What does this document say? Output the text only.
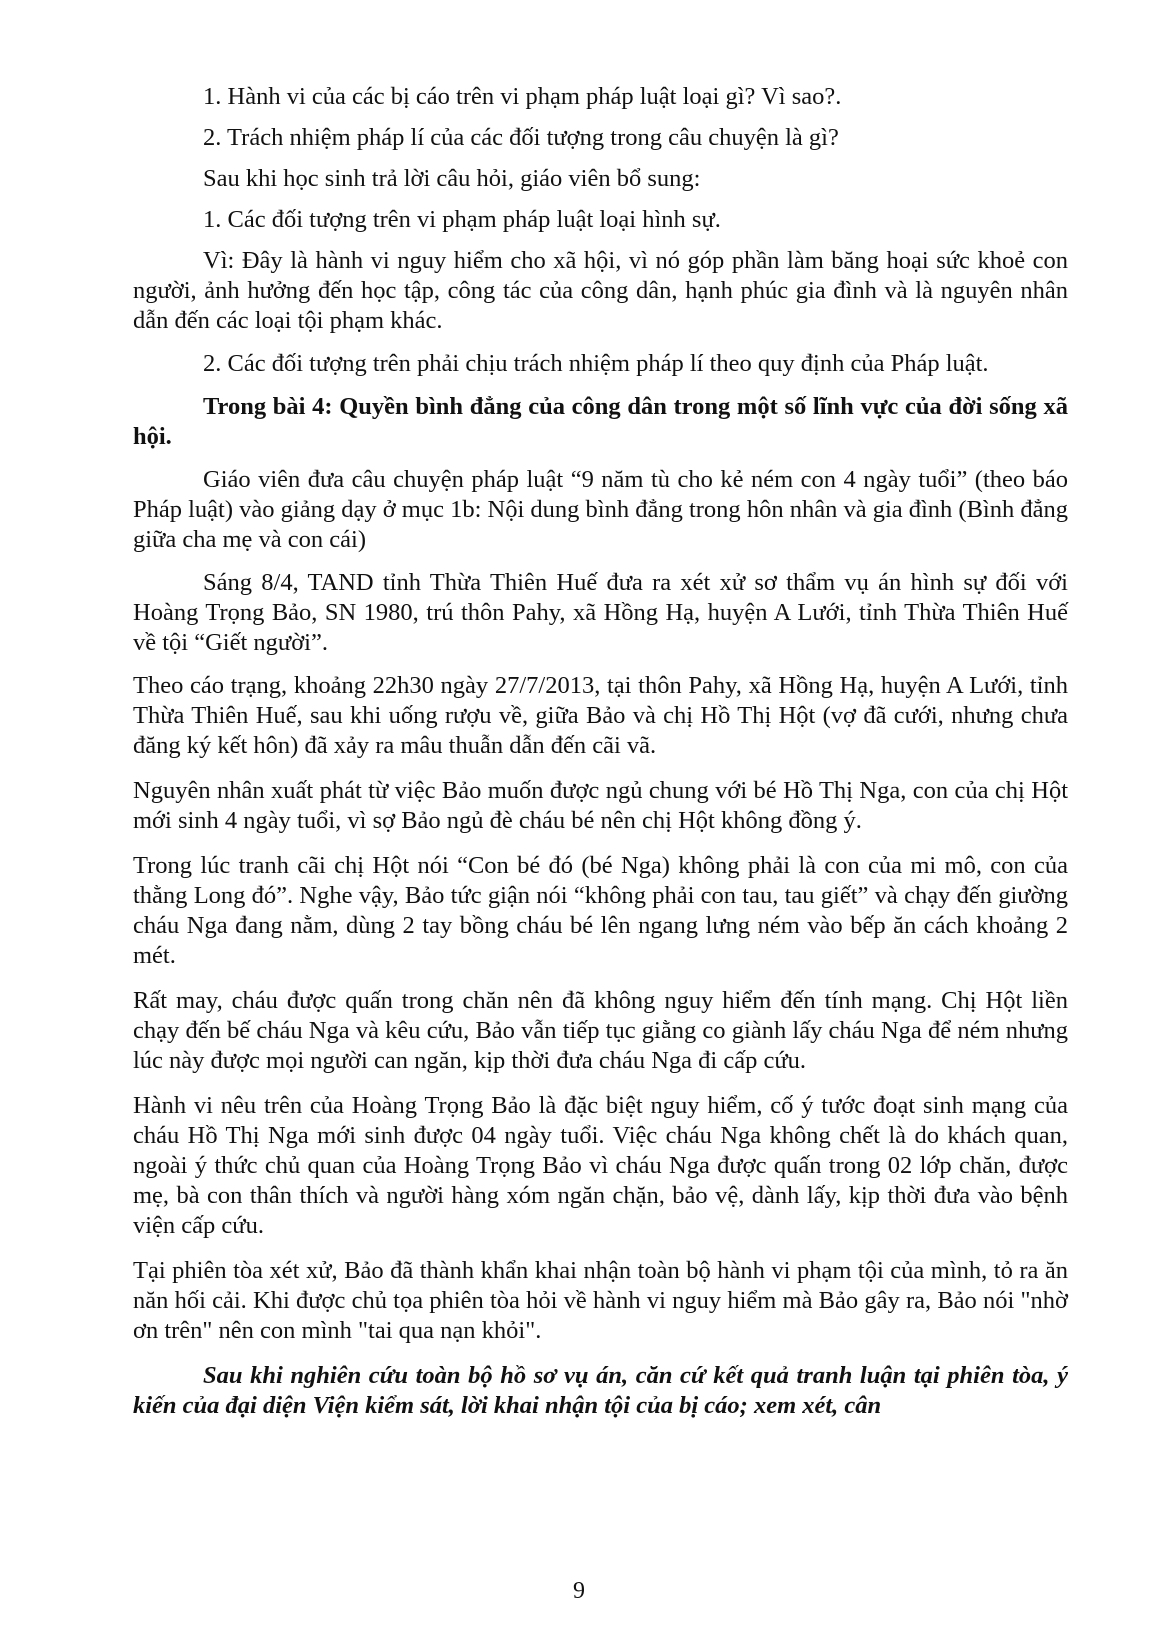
1. Hành vi của các bị cáo trên vi phạm pháp luật loại gì? Vì sao?.

2. Trách nhiệm pháp lí của các đối tượng trong câu chuyện là gì?

Sau khi học sinh trả lời câu hỏi, giáo viên bổ sung:

1. Các đối tượng trên vi phạm pháp luật loại hình sự.

Vì: Đây là hành vi nguy hiểm cho xã hội, vì nó góp phần làm băng hoại sức khoẻ con người, ảnh hưởng đến học tập, công tác của công dân, hạnh phúc gia đình và là nguyên nhân dẫn đến các loại tội phạm khác.

2. Các đối tượng trên phải chịu trách nhiệm pháp lí theo quy định của Pháp luật.

Trong bài 4: Quyền bình đẳng của công dân trong một số lĩnh vực của đời sống xã hội.

Giáo viên đưa câu chuyện pháp luật “9 năm tù cho kẻ ném con 4 ngày tuổi” (theo báo Pháp luật) vào giảng dạy ở mục 1b: Nội dung bình đẳng trong hôn nhân và gia đình (Bình đẳng giữa cha mẹ và con cái)

Sáng 8/4, TAND tỉnh Thừa Thiên Huế đưa ra xét xử sơ thẩm vụ án hình sự đối với Hoàng Trọng Bảo, SN 1980, trú thôn Pahy, xã Hồng Hạ, huyện A Lưới, tỉnh Thừa Thiên Huế về tội “Giết người”.

Theo cáo trạng, khoảng 22h30 ngày 27/7/2013, tại thôn Pahy, xã Hồng Hạ, huyện A Lưới, tỉnh Thừa Thiên Huế, sau khi uống rượu về, giữa Bảo và chị Hồ Thị Hột (vợ đã cưới, nhưng chưa đăng ký kết hôn) đã xảy ra mâu thuẫn dẫn đến cãi vã.

Nguyên nhân xuất phát từ việc Bảo muốn được ngủ chung với bé Hồ Thị Nga, con của chị Hột mới sinh 4 ngày tuổi, vì sợ Bảo ngủ đè cháu bé nên chị Hột không đồng ý.

Trong lúc tranh cãi chị Hột nói “Con bé đó (bé Nga) không phải là con của mi mô, con của thằng Long đó”. Nghe vậy, Bảo tức giận nói “không phải con tau, tau giết” và chạy đến giường cháu Nga đang nằm, dùng 2 tay bồng cháu bé lên ngang lưng ném vào bếp ăn cách khoảng 2 mét.

Rất may, cháu được quấn trong chăn nên đã không nguy hiểm đến tính mạng. Chị Hột liền chạy đến bế cháu Nga và kêu cứu, Bảo vẫn tiếp tục giằng co giành lấy cháu Nga để ném nhưng lúc này được mọi người can ngăn, kịp thời đưa cháu Nga đi cấp cứu.

Hành vi nêu trên của Hoàng Trọng Bảo là đặc biệt nguy hiểm, cố ý tước đoạt sinh mạng của cháu Hồ Thị Nga mới sinh được 04 ngày tuổi. Việc cháu Nga không chết là do khách quan, ngoài ý thức chủ quan của Hoàng Trọng Bảo vì cháu Nga được quấn trong 02 lớp chăn, được mẹ, bà con thân thích và người hàng xóm ngăn chặn, bảo vệ, dành lấy, kịp thời đưa vào bệnh viện cấp cứu.

Tại phiên tòa xét xử, Bảo đã thành khẩn khai nhận toàn bộ hành vi phạm tội của mình, tỏ ra ăn năn hối cải. Khi được chủ tọa phiên tòa hỏi về hành vi nguy hiểm mà Bảo gây ra, Bảo nói "nhờ ơn trên" nên con mình "tai qua nạn khỏi".

Sau khi nghiên cứu toàn bộ hồ sơ vụ án, căn cứ kết quả tranh luận tại phiên tòa, ý kiến của đại diện Viện kiểm sát, lời khai nhận tội của bị cáo; xem xét, cân

9
